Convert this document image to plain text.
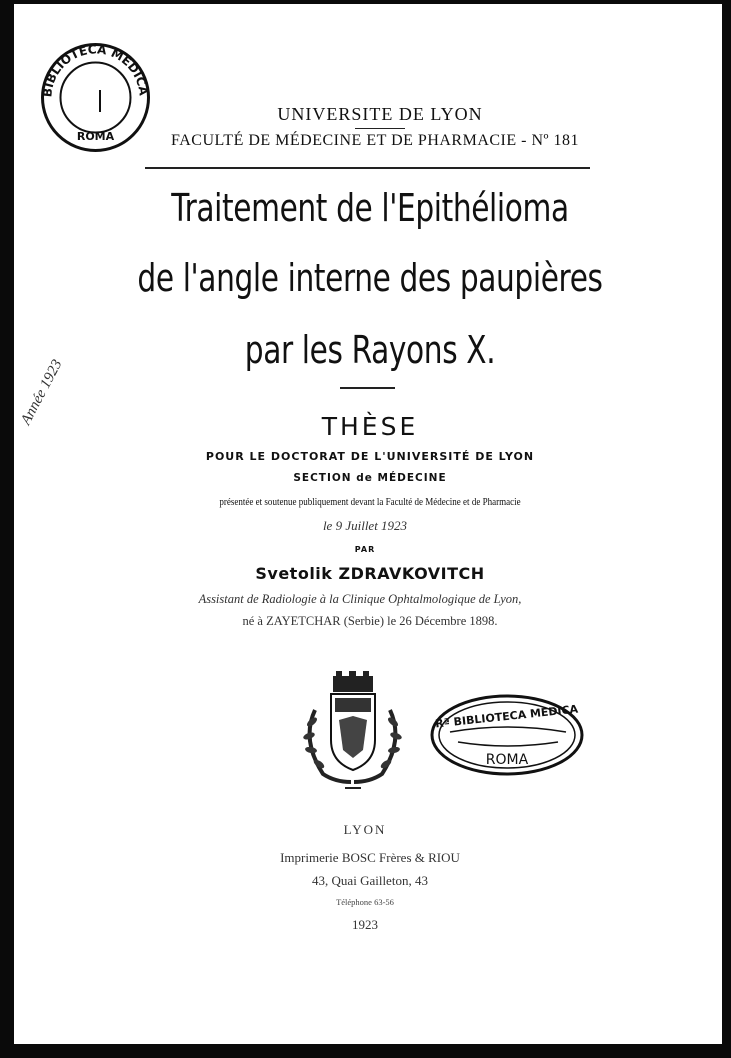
BIBLIOTECA MEDICA
ROMA
Année 1923
UNIVERSITE DE LYON
FACULTÉ DE MÉDECINE ET DE PHARMACIE - Nº 181
Traitement de l'Epithélioma
de l'angle interne des paupières
par les Rayons X.
THÈSE
POUR LE DOCTORAT DE L'UNIVERSITÉ DE LYON
SECTION de MÉDECINE
présentée et soutenue publiquement devant la Faculté de Médecine et de Pharmacie
le 9 Juillet 1923
PAR
Svetolik ZDRAVKOVITCH
Assistant de Radiologie à la Clinique Ophtalmologique de Lyon,
né à ZAYETCHAR (Serbie) le 26 Décembre 1898.
Rª BIBLIOTECA MEDICA
ROMA
LYON
Imprimerie BOSC Frères & RIOU
43, Quai Gailleton, 43
Téléphone 63-56
1923
